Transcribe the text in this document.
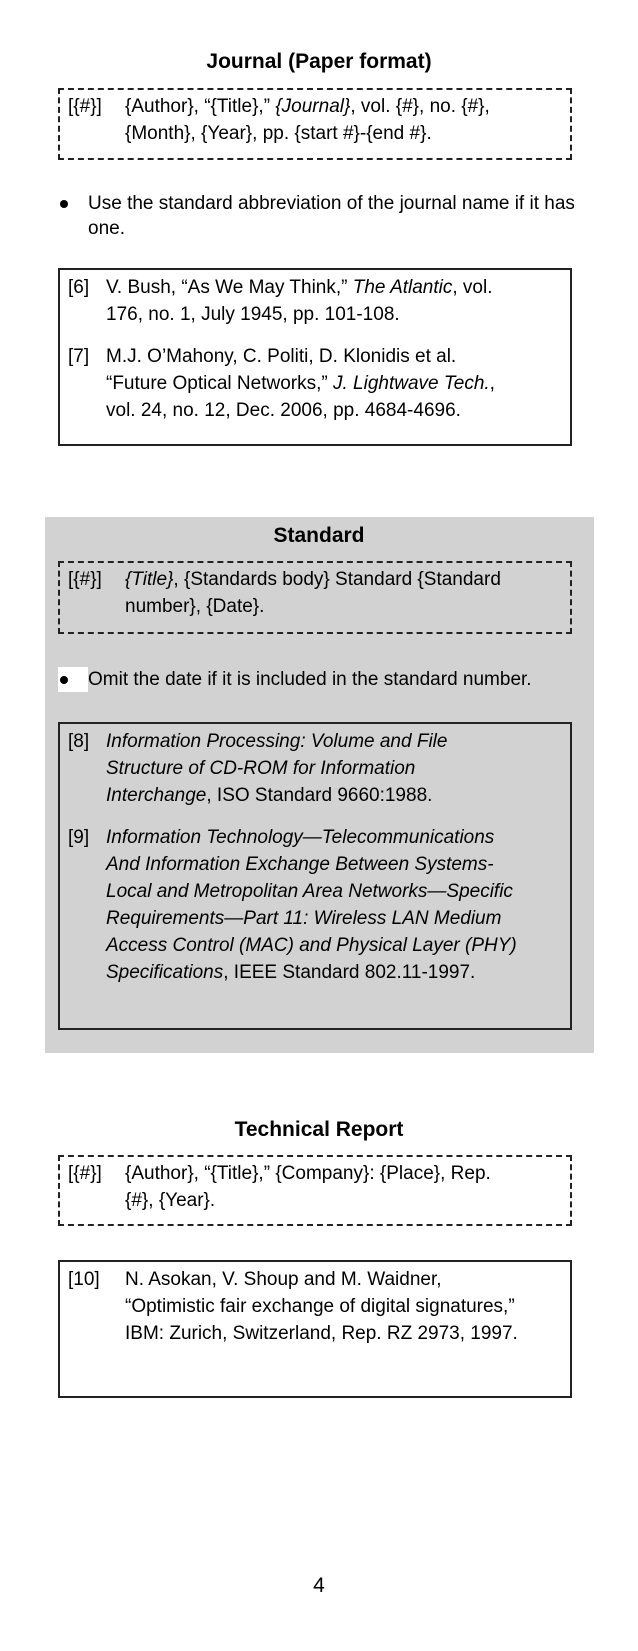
Journal (Paper format)
[{#}]	{Author}, “{Title},” {Journal}, vol. {#}, no. {#},
{Month}, {Year}, pp. {start #}-{end #}.
Use the standard abbreviation of the journal name if it has one.
[6] V. Bush, “As We May Think,” The Atlantic, vol.
176, no. 1, July 1945, pp. 101-108.
[7] M.J. O’Mahony, C. Politi, D. Klonidis et al.
“Future Optical Networks,” J. Lightwave Tech.,
vol. 24, no. 12, Dec. 2006, pp. 4684-4696.
Standard
[{#}]	{Title}, {Standards body} Standard {Standard
number}, {Date}.
Omit the date if it is included in the standard number.
[8] Information Processing: Volume and File
Structure of CD-ROM for Information
Interchange, ISO Standard 9660:1988.
[9] Information Technology—Telecommunications
And Information Exchange Between Systems-
Local and Metropolitan Area Networks—Specific
Requirements—Part 11: Wireless LAN Medium
Access Control (MAC) and Physical Layer (PHY)
Specifications, IEEE Standard 802.11-1997.
Technical Report
[{#}]	{Author}, “{Title},” {Company}: {Place}, Rep.
{#}, {Year}.
[10]	N. Asokan, V. Shoup and M. Waidner,
“Optimistic fair exchange of digital signatures,”
IBM: Zurich, Switzerland, Rep. RZ 2973, 1997.
4
